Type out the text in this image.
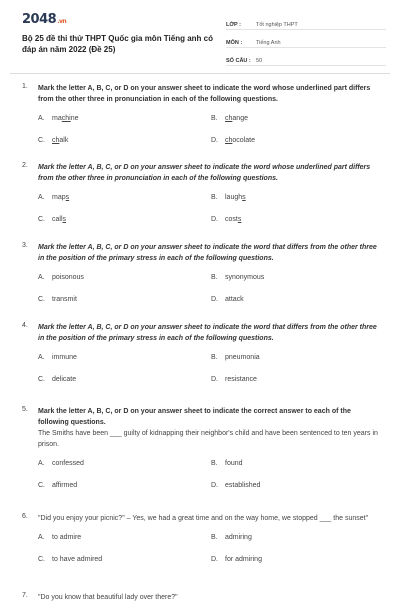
2048.vn
Bộ 25 đề thi thử THPT Quốc gia môn Tiếng anh có đáp án năm 2022 (Đề 25)
LỚP :	Tốt nghiệp THPT
MÔN :	Tiếng Anh
SỐ CÂU : 50
1. Mark the letter A, B, C, or D on your answer sheet to indicate the word whose underlined part differs from the other three in pronunciation in each of the following questions.
A. machine	B. change
C. chalk	D. chocolate
2. Mark the letter A, B, C, or D on your answer sheet to indicate the word whose underlined part differs from the other three in pronunciation in each of the following questions.
A. maps	B. laughs
C. calls	D. costs
3. Mark the letter A, B, C, or D on your answer sheet to indicate the word that differs from the other three in the position of the primary stress in each of the following questions.
A. poisonous	B. synonymous
C. transmit	D. attack
4. Mark the letter A, B, C, or D on your answer sheet to indicate the word that differs from the other three in the position of the primary stress in each of the following questions.
A. immune	B. pneumonia
C. delicate	D. resistance
5. Mark the letter A, B, C, or D on your answer sheet to indicate the correct answer to each of the following questions.
The Smiths have been ___ guilty of kidnapping their neighbor's child and have been sentenced to ten years in prison.
A. confessed	B. found
C. affirmed	D. established
6. "Did you enjoy your picnic?" – Yes, we had a great time and on the way home, we stopped ___ the sunset"
A. to admire	B. admiring
C. to have admired	D. for admiring
7. "Do you know that beautiful lady over there?"
